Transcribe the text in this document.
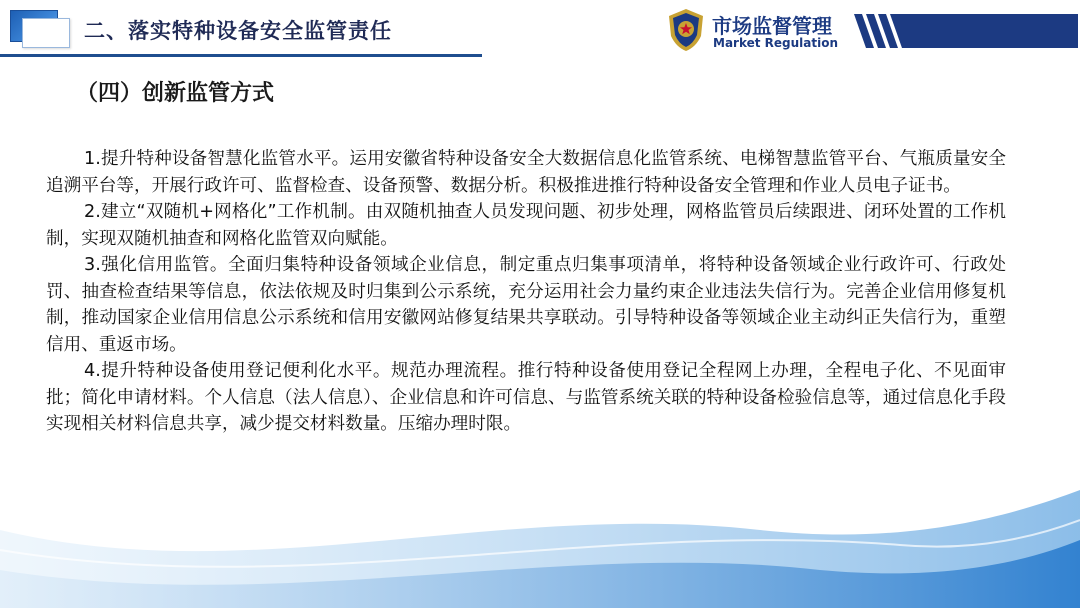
二、落实特种设备安全监管责任	市场监督管理
Market Regulation
（四）创新监管方式

1.提升特种设备智慧化监管水平。运用安徽省特种设备安全大数据信息化监管系统、电梯智慧监管平台、气瓶质量安全追溯平台等，开展行政许可、监督检查、设备预警、数据分析。积极推进推行特种设备安全管理和作业人员电子证书。

2.建立“双随机+网格化”工作机制。由双随机抽查人员发现问题、初步处理，网格监管员后续跟进、闭环处置的工作机制，实现双随机抽查和网格化监管双向赋能。

3.强化信用监管。全面归集特种设备领域企业信息，制定重点归集事项清单，将特种设备领域企业行政许可、行政处罚、抽查检查结果等信息，依法依规及时归集到公示系统，充分运用社会力量约束企业违法失信行为。完善企业信用修复机制，推动国家企业信用信息公示系统和信用安徽网站修复结果共享联动。引导特种设备等领域企业主动纠正失信行为，重塑信用、重返市场。

4.提升特种设备使用登记便利化水平。规范办理流程。推行特种设备使用登记全程网上办理，全程电子化、不见面审批；简化申请材料。个人信息（法人信息）、企业信息和许可信息、与监管系统关联的特种设备检验信息等，通过信息化手段实现相关材料信息共享，减少提交材料数量。压缩办理时限。
